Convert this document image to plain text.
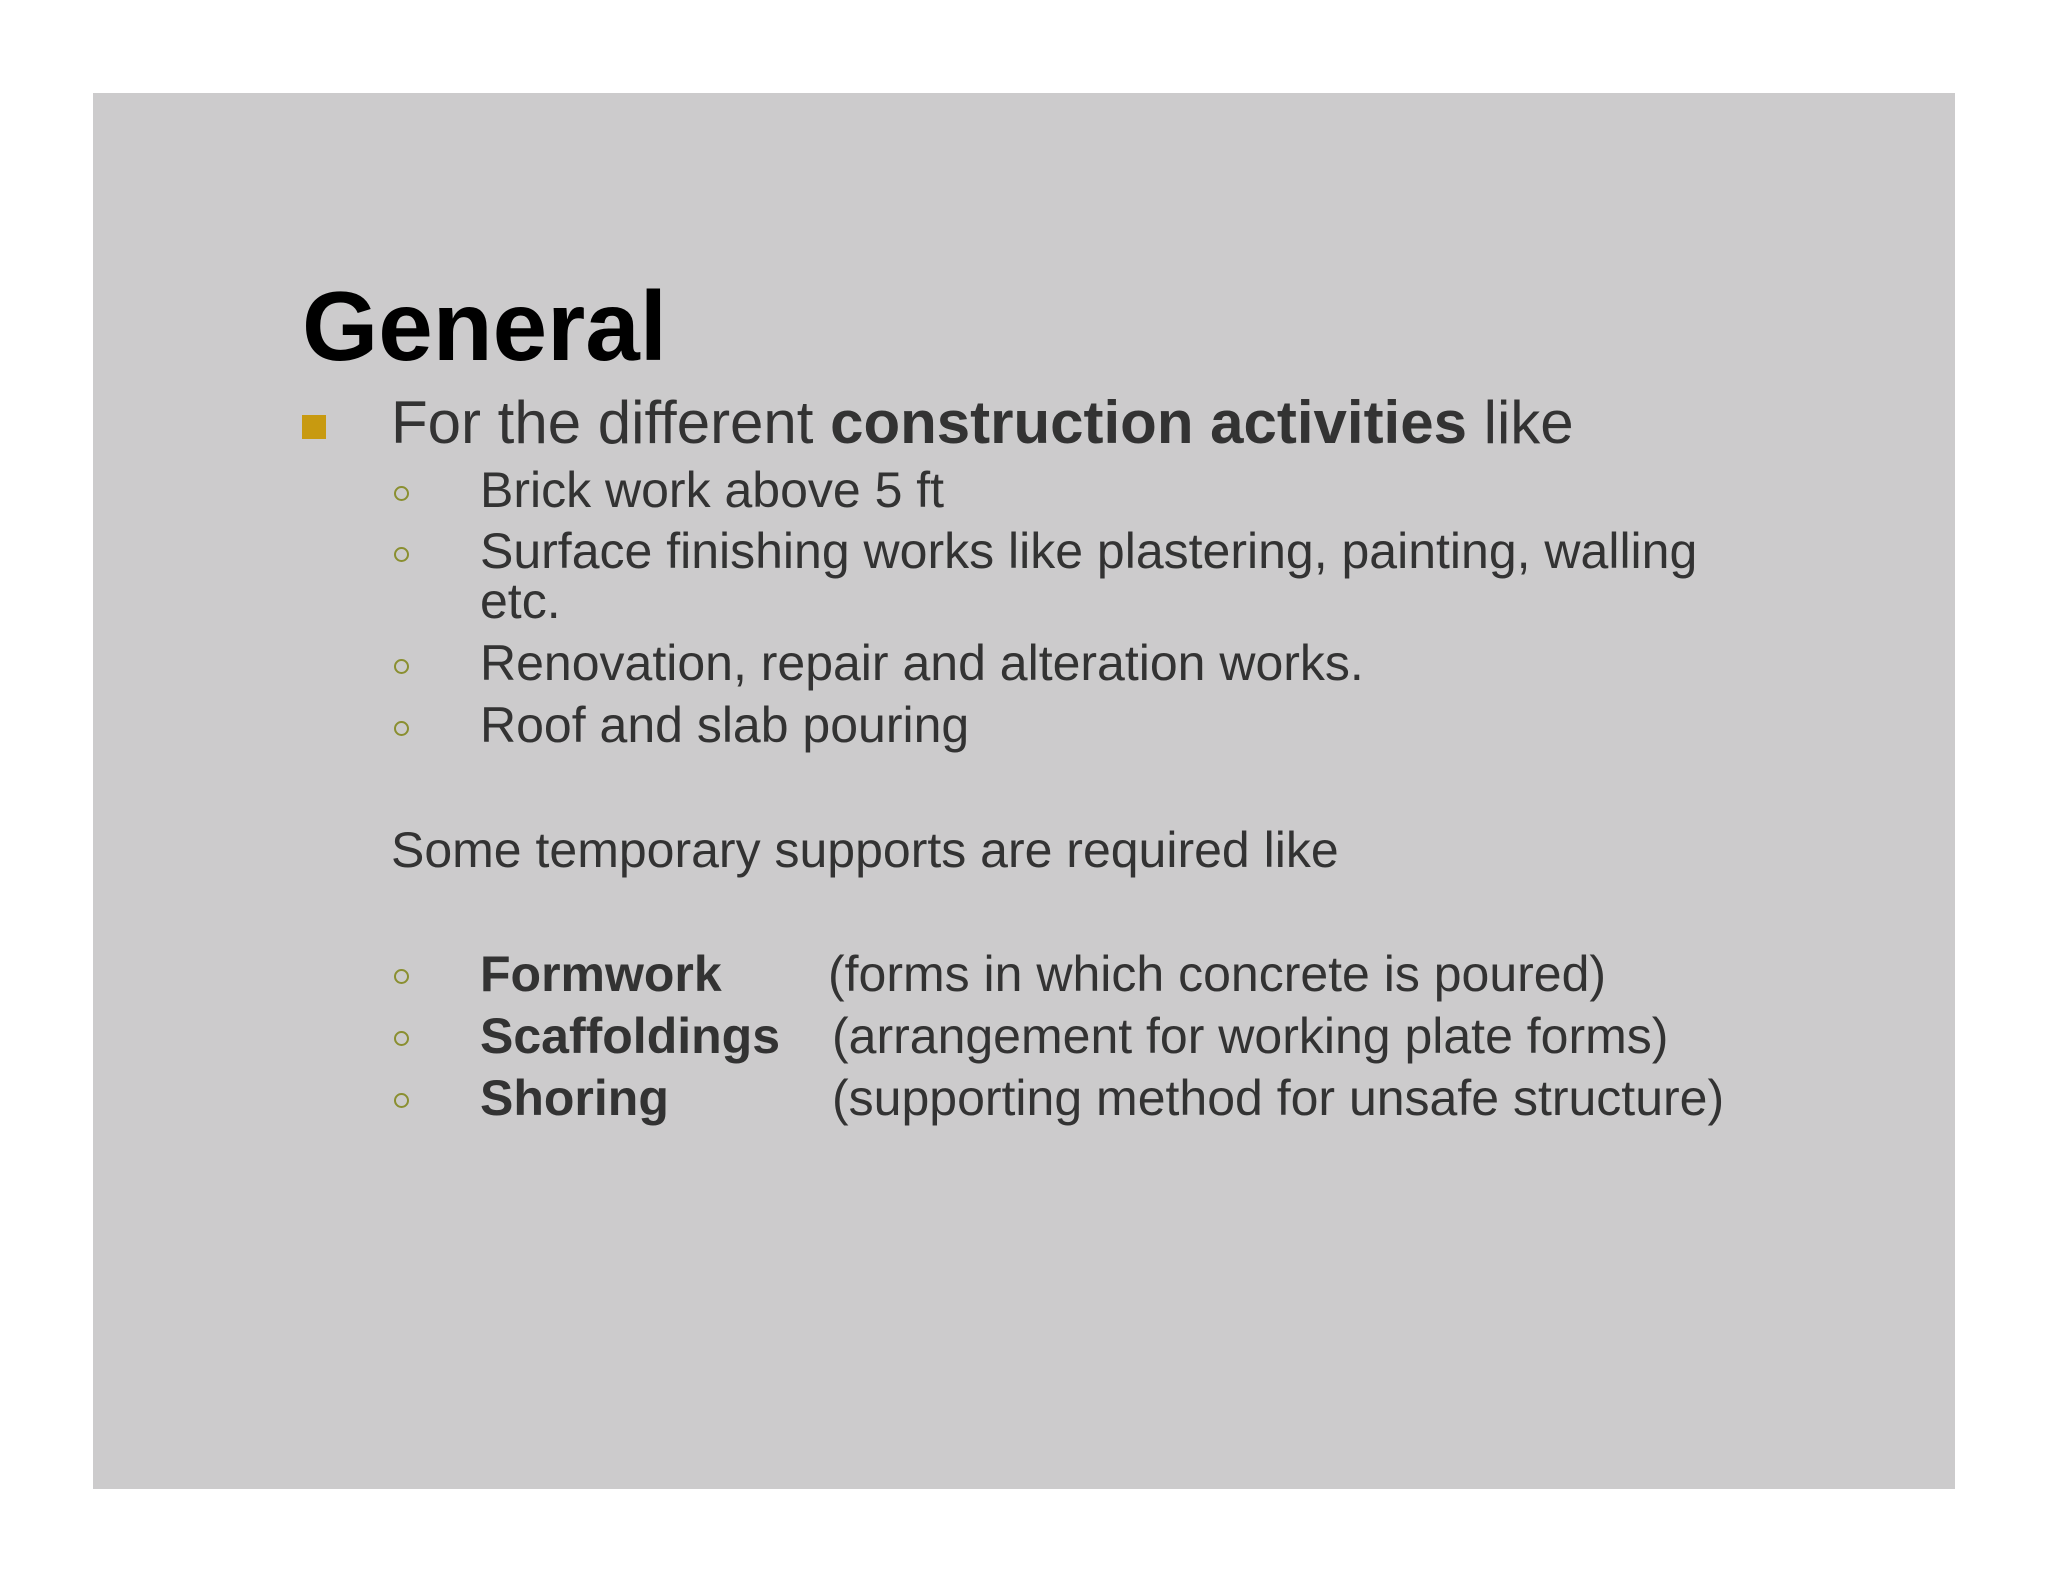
General
For the different construction activities like
Brick work above 5 ft
Surface finishing works like plastering, painting, walling
etc.
Renovation, repair and alteration works.
Roof and slab pouring
Some temporary supports are required like
Formwork (forms in which concrete is poured)
Scaffoldings (arrangement for working plate forms)
Shoring	(supporting method for unsafe structure)
